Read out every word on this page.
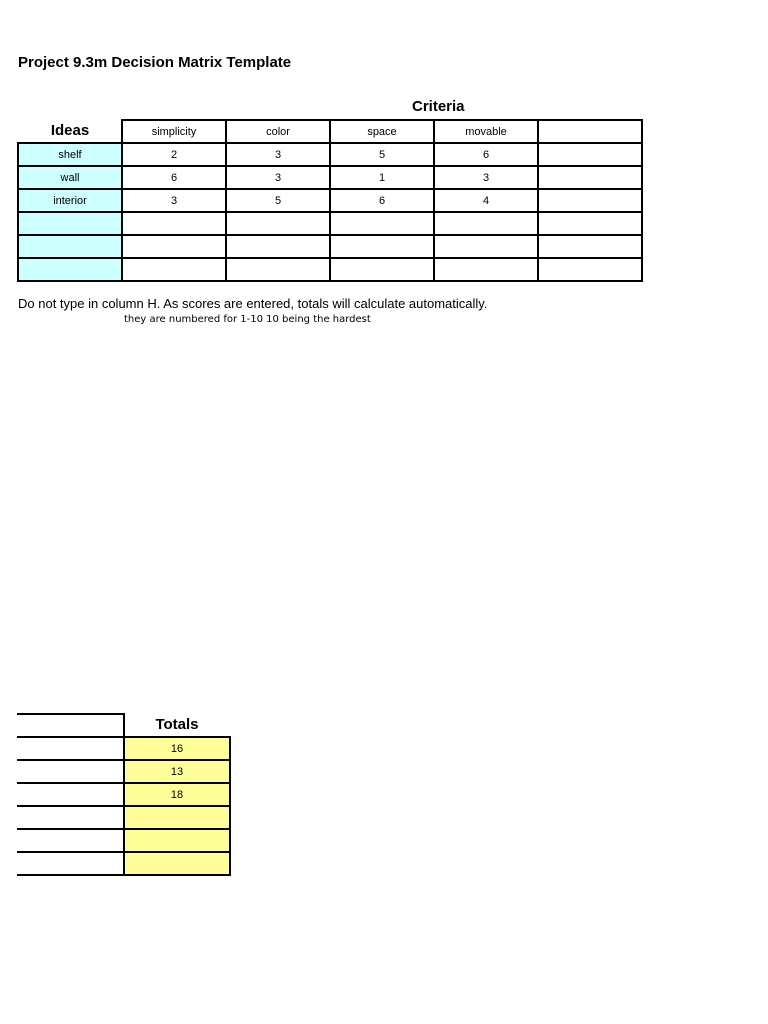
Project 9.3m Decision Matrix Template
Criteria
	simplicity	color	space	movable	
shelf	2	3	5	6	
wall	6	3	1	3	
interior	3	5	6	4	

Ideas
Do not type in column H. As scores are entered, totals will calculate automatically.
they are numbered for 1-10 10 being the hardest

	16
	13
	18

Totals
